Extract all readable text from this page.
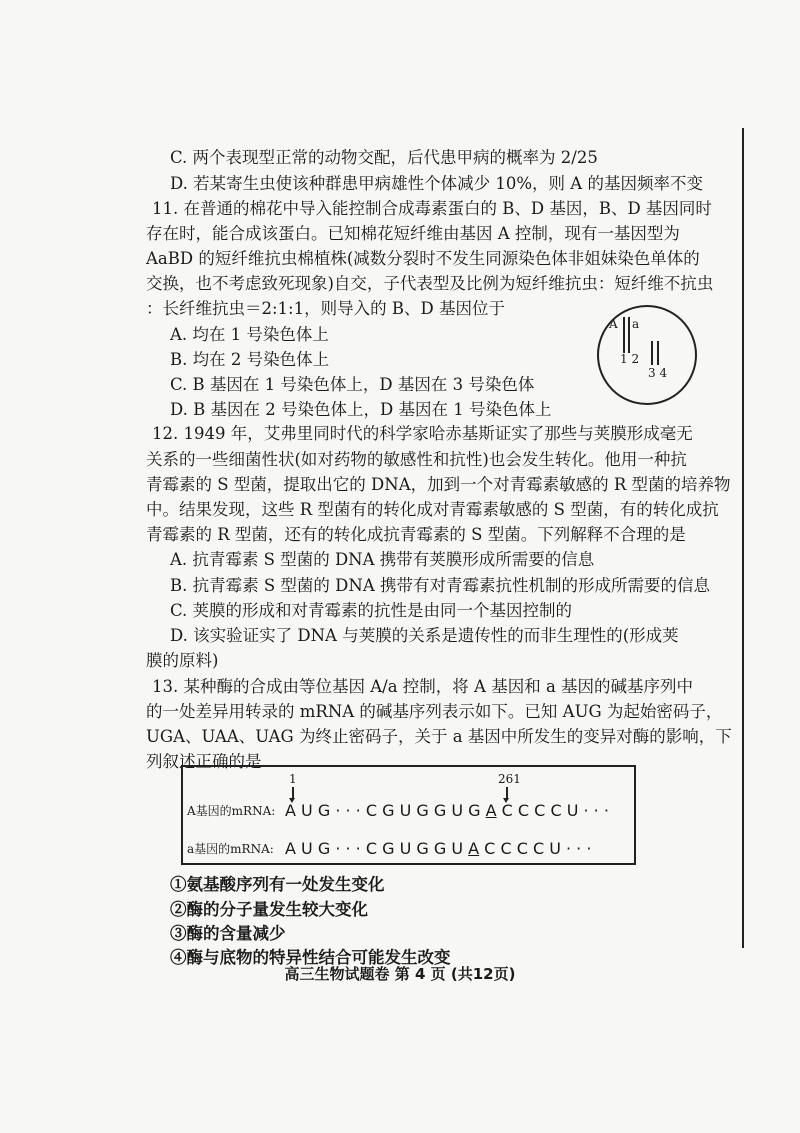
C. 两个表现型正常的动物交配，后代患甲病的概率为 2/25
D. 若某寄生虫使该种群患甲病雄性个体减少 10%，则 A 的基因频率不变
11. 在普通的棉花中导入能控制合成毒素蛋白的 B、D 基因，B、D 基因同时
存在时，能合成该蛋白。已知棉花短纤维由基因 A 控制，现有一基因型为
AaBD 的短纤维抗虫棉植株(减数分裂时不发生同源染色体非姐妹染色单体的
交换，也不考虑致死现象)自交，子代表型及比例为短纤维抗虫：短纤维不抗虫
：长纤维抗虫＝2:1:1，则导入的 B、D 基因位于
A. 均在 1 号染色体上
B. 均在 2 号染色体上
C. B 基因在 1 号染色体上，D 基因在 3 号染色体
D. B 基因在 2 号染色体上，D 基因在 1 号染色体上
A a
1 2
3 4
12. 1949 年，艾弗里同时代的科学家哈赤基斯证实了那些与荚膜形成毫无
关系的一些细菌性状(如对药物的敏感性和抗性)也会发生转化。他用一种抗
青霉素的 S 型菌，提取出它的 DNA，加到一个对青霉素敏感的 R 型菌的培养物
中。结果发现，这些 R 型菌有的转化成对青霉素敏感的 S 型菌，有的转化成抗
青霉素的 R 型菌，还有的转化成抗青霉素的 S 型菌。下列解释不合理的是
A. 抗青霉素 S 型菌的 DNA 携带有荚膜形成所需要的信息
B. 抗青霉素 S 型菌的 DNA 携带有对青霉素抗性机制的形成所需要的信息
C. 荚膜的形成和对青霉素的抗性是由同一个基因控制的
D. 该实验证实了 DNA 与荚膜的关系是遗传性的而非生理性的(形成荚
膜的原料)
13. 某种酶的合成由等位基因 A/a 控制，将 A 基因和 a 基因的碱基序列中
的一处差异用转录的 mRNA 的碱基序列表示如下。已知 AUG 为起始密码子，
UGA、UAA、UAG 为终止密码子，关于 a 基因中所发生的变异对酶的影响，下
列叙述正确的是
1	261
A基因的mRNA: A U G · · · C G U G G U G A C C C C U · · ·
a基因的mRNA: A U G · · · C G U G G U A C C C C U · · ·
①氨基酸序列有一处发生变化
②酶的分子量发生较大变化
③酶的含量减少
④酶与底物的特异性结合可能发生改变
高三生物试题卷 第 4 页 (共12页)
